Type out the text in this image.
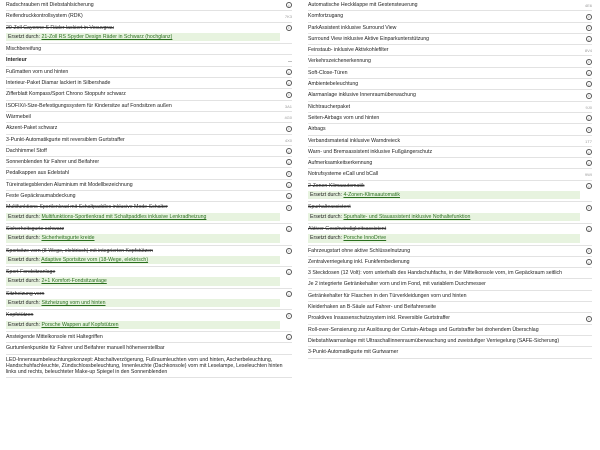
Radschrauben mit Diebstahlsicherung	i
Reifendruckkontrollsystem (RDK)	7K3
20-Zoll Cayenne S Räder lackiert in Vesuvgrau
Ersetzt durch: 21-Zoll RS Spyder Design Räder in Schwarz (hochglanz)
i
Mischbereifung
Interieur	—
Fußmatten vorn und hinten	i
Interieur-Paket Diamar lackiert in Silbershade	i
Zifferblatt Kompass/Sport Chrono Stoppuhr schwarz	i
ISOFIX/i-Size-Befestigungssystem für Kindersitze auf Fondsitzen außen	3A1
Wärmebeil	4G0
Akzent-Paket schwarz	i
3-Punkt-Automatikgurte mit reversiblem Gurtstraffer	4X0
Dachhimmel Stoff	i
Sonnenblenden für Fahrer und Beifahrer	i
Pedalkappen aus Edelstahl	i
Türeinstiegsblenden Aluminium mit Modellbezeichnung	i
Feste Gepäckraumabdeckung	i
Multifunktions-Sportlenkrad mit Schaltpaddles inklusive Mode-Schalter
Ersetzt durch: Multifunktions-Sportlenkrad mit Schaltpaddles inklusive Lenkradheizung
i
Sicherheitsgurte schwarz
Ersetzt durch: Sicherheitsgurte kreide
i
Sportsitze vorn (8-Wege, elektrisch) mit integrierten Kopfstützen
Ersetzt durch: Adaptive Sportsitze vorn (18-Wege, elektrisch)
i
Sport-Fondsitzanlage
Ersetzt durch: 2+1 Komfort-Fondsitzanlage
i
Sitzheizung vorn
Ersetzt durch: Sitzheizung vorn und hinten
i
Kopfstützen
Ersetzt durch: Porsche Wappen auf Kopfstützen
i
Ansteigende Mittelkonsole mit Haltegriffen	i
Gurtumlenkpunkte für Fahrer und Beifahrer manuell höhenverstellbar
LED-Innenraumbeleuchtungskonzept: Abschaltverzögerung, Fußraumleuchten vorn und hinten, Ascherbeleuchtung, Handschuhfachleuchte, Zündschlossbeleuchtung, Innenleuchte (Dachkonsole) vorn mit Leselampe, Leseleuchten hinten links und rechts, beleuchteter Make-up Spiegel in den Sonnenblenden
Automatische Heckklappe mit Gestensteuerung	4E6
Komfortzugang	i
ParkAssistent inklusive Surround View	i
Surround View inklusive Aktive Einparkunterstützung	i
Feinstaub- inklusive Aktivkohlefilter	8V4
Verkehrszeichenerkennung	i
Soft-Close-Türen	i
Ambientebeleuchtung	i
Alarmanlage inklusive Innenraumüberwachung	i
Nichtraucherpaket	9J0
Seiten-Airbags vorn und hinten	i
Airbags	i
Verbandsmaterial inklusive Warndreieck	1T7
Warn- und Bremsassistent inklusive Fußgängerschutz	i
Aufmerksamkeitserkennung	i
Notrufsysteme eCall und bCall	9WI
2-Zonen-Klimaautomatik
Ersetzt durch: 4-Zonen-Klimaautomatik
i
Spurhalteassistent
Ersetzt durch: Spurhalte- und Stauassistent inklusive Nothaltefunktion
i
Aktiver Geschwindigkeitsassistent
Ersetzt durch: Porsche InnoDrive
i
Fahrzeugstart ohne aktive Schlüsselnutzung	i
Zentralverriegelung inkl. Funkfernbedienung	i
3 Steckdosen (12 Volt): vorn unterhalb des Handschuhfachs, in der Mittelkonsole vorn, im Gepäckraum seitlich
Je 2 integrierte Getränkehalter vorn und im Fond, mit variablem Durchmesser
Getränkehalter für Flaschen in den Türverkleidungen vorn und hinten
Kleiderhaken an B-Säule auf Fahrer- und Beifahrerseite
Proaktives Insassenschutzsystem inkl. Reversible Gurtstraffer	i
Roll-over-Sensierung zur Auslösung der Curtain-Airbags und Gurtstraffer bei drohendem Überschlag
Diebstahlwarnanlage mit Ultraschallinnenraumüberwachung und zweistufiger Verriegelung (SAFE-Sicherung)
3-Punkt-Automatikgurte mit Gurtwarner
